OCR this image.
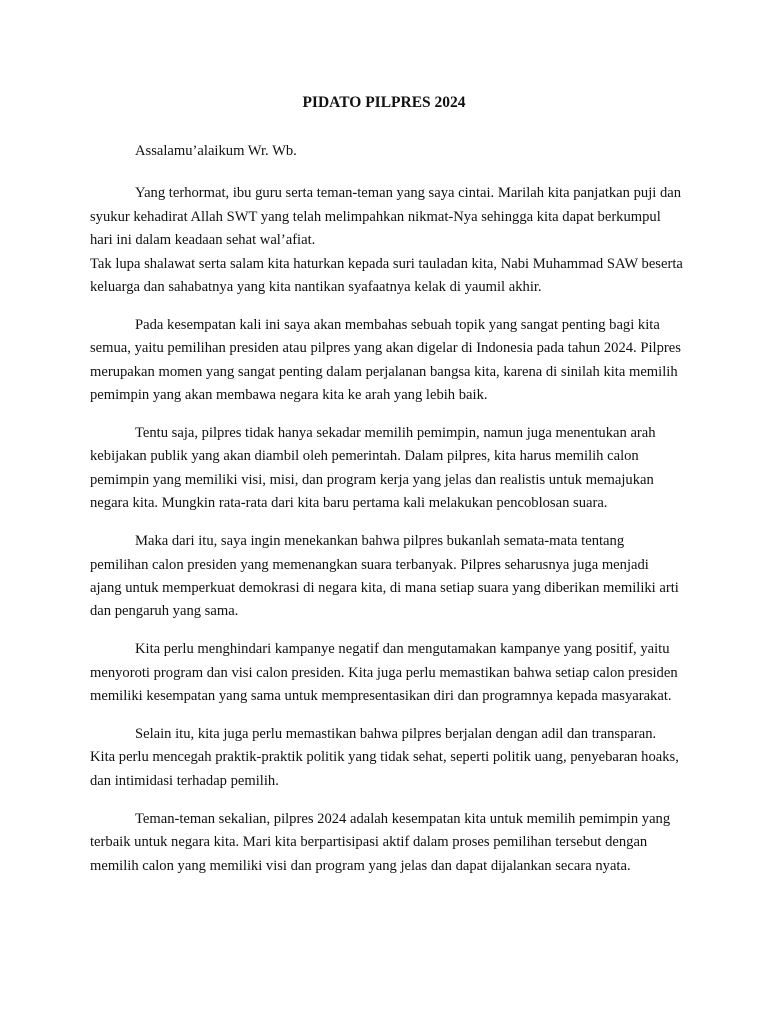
PIDATO PILPRES 2024

Assalamu’alaikum Wr. Wb.

Yang terhormat, ibu guru serta teman-teman yang saya cintai. Marilah kita panjatkan puji dan syukur kehadirat Allah SWT yang telah melimpahkan nikmat-Nya sehingga kita dapat berkumpul hari ini dalam keadaan sehat wal’afiat.

Tak lupa shalawat serta salam kita haturkan kepada suri tauladan kita, Nabi Muhammad SAW beserta keluarga dan sahabatnya yang kita nantikan syafaatnya kelak di yaumil akhir.

Pada kesempatan kali ini saya akan membahas sebuah topik yang sangat penting bagi kita semua, yaitu pemilihan presiden atau pilpres yang akan digelar di Indonesia pada tahun 2024. Pilpres merupakan momen yang sangat penting dalam perjalanan bangsa kita, karena di sinilah kita memilih pemimpin yang akan membawa negara kita ke arah yang lebih baik.

Tentu saja, pilpres tidak hanya sekadar memilih pemimpin, namun juga menentukan arah kebijakan publik yang akan diambil oleh pemerintah. Dalam pilpres, kita harus memilih calon pemimpin yang memiliki visi, misi, dan program kerja yang jelas dan realistis untuk memajukan negara kita. Mungkin rata-rata dari kita baru pertama kali melakukan pencoblosan suara.

Maka dari itu, saya ingin menekankan bahwa pilpres bukanlah semata-mata tentang pemilihan calon presiden yang memenangkan suara terbanyak. Pilpres seharusnya juga menjadi ajang untuk memperkuat demokrasi di negara kita, di mana setiap suara yang diberikan memiliki arti dan pengaruh yang sama.

Kita perlu menghindari kampanye negatif dan mengutamakan kampanye yang positif, yaitu menyoroti program dan visi calon presiden. Kita juga perlu memastikan bahwa setiap calon presiden memiliki kesempatan yang sama untuk mempresentasikan diri dan programnya kepada masyarakat.

Selain itu, kita juga perlu memastikan bahwa pilpres berjalan dengan adil dan transparan. Kita perlu mencegah praktik-praktik politik yang tidak sehat, seperti politik uang, penyebaran hoaks, dan intimidasi terhadap pemilih.

Teman-teman sekalian, pilpres 2024 adalah kesempatan kita untuk memilih pemimpin yang terbaik untuk negara kita. Mari kita berpartisipasi aktif dalam proses pemilihan tersebut dengan memilih calon yang memiliki visi dan program yang jelas dan dapat dijalankan secara nyata.
